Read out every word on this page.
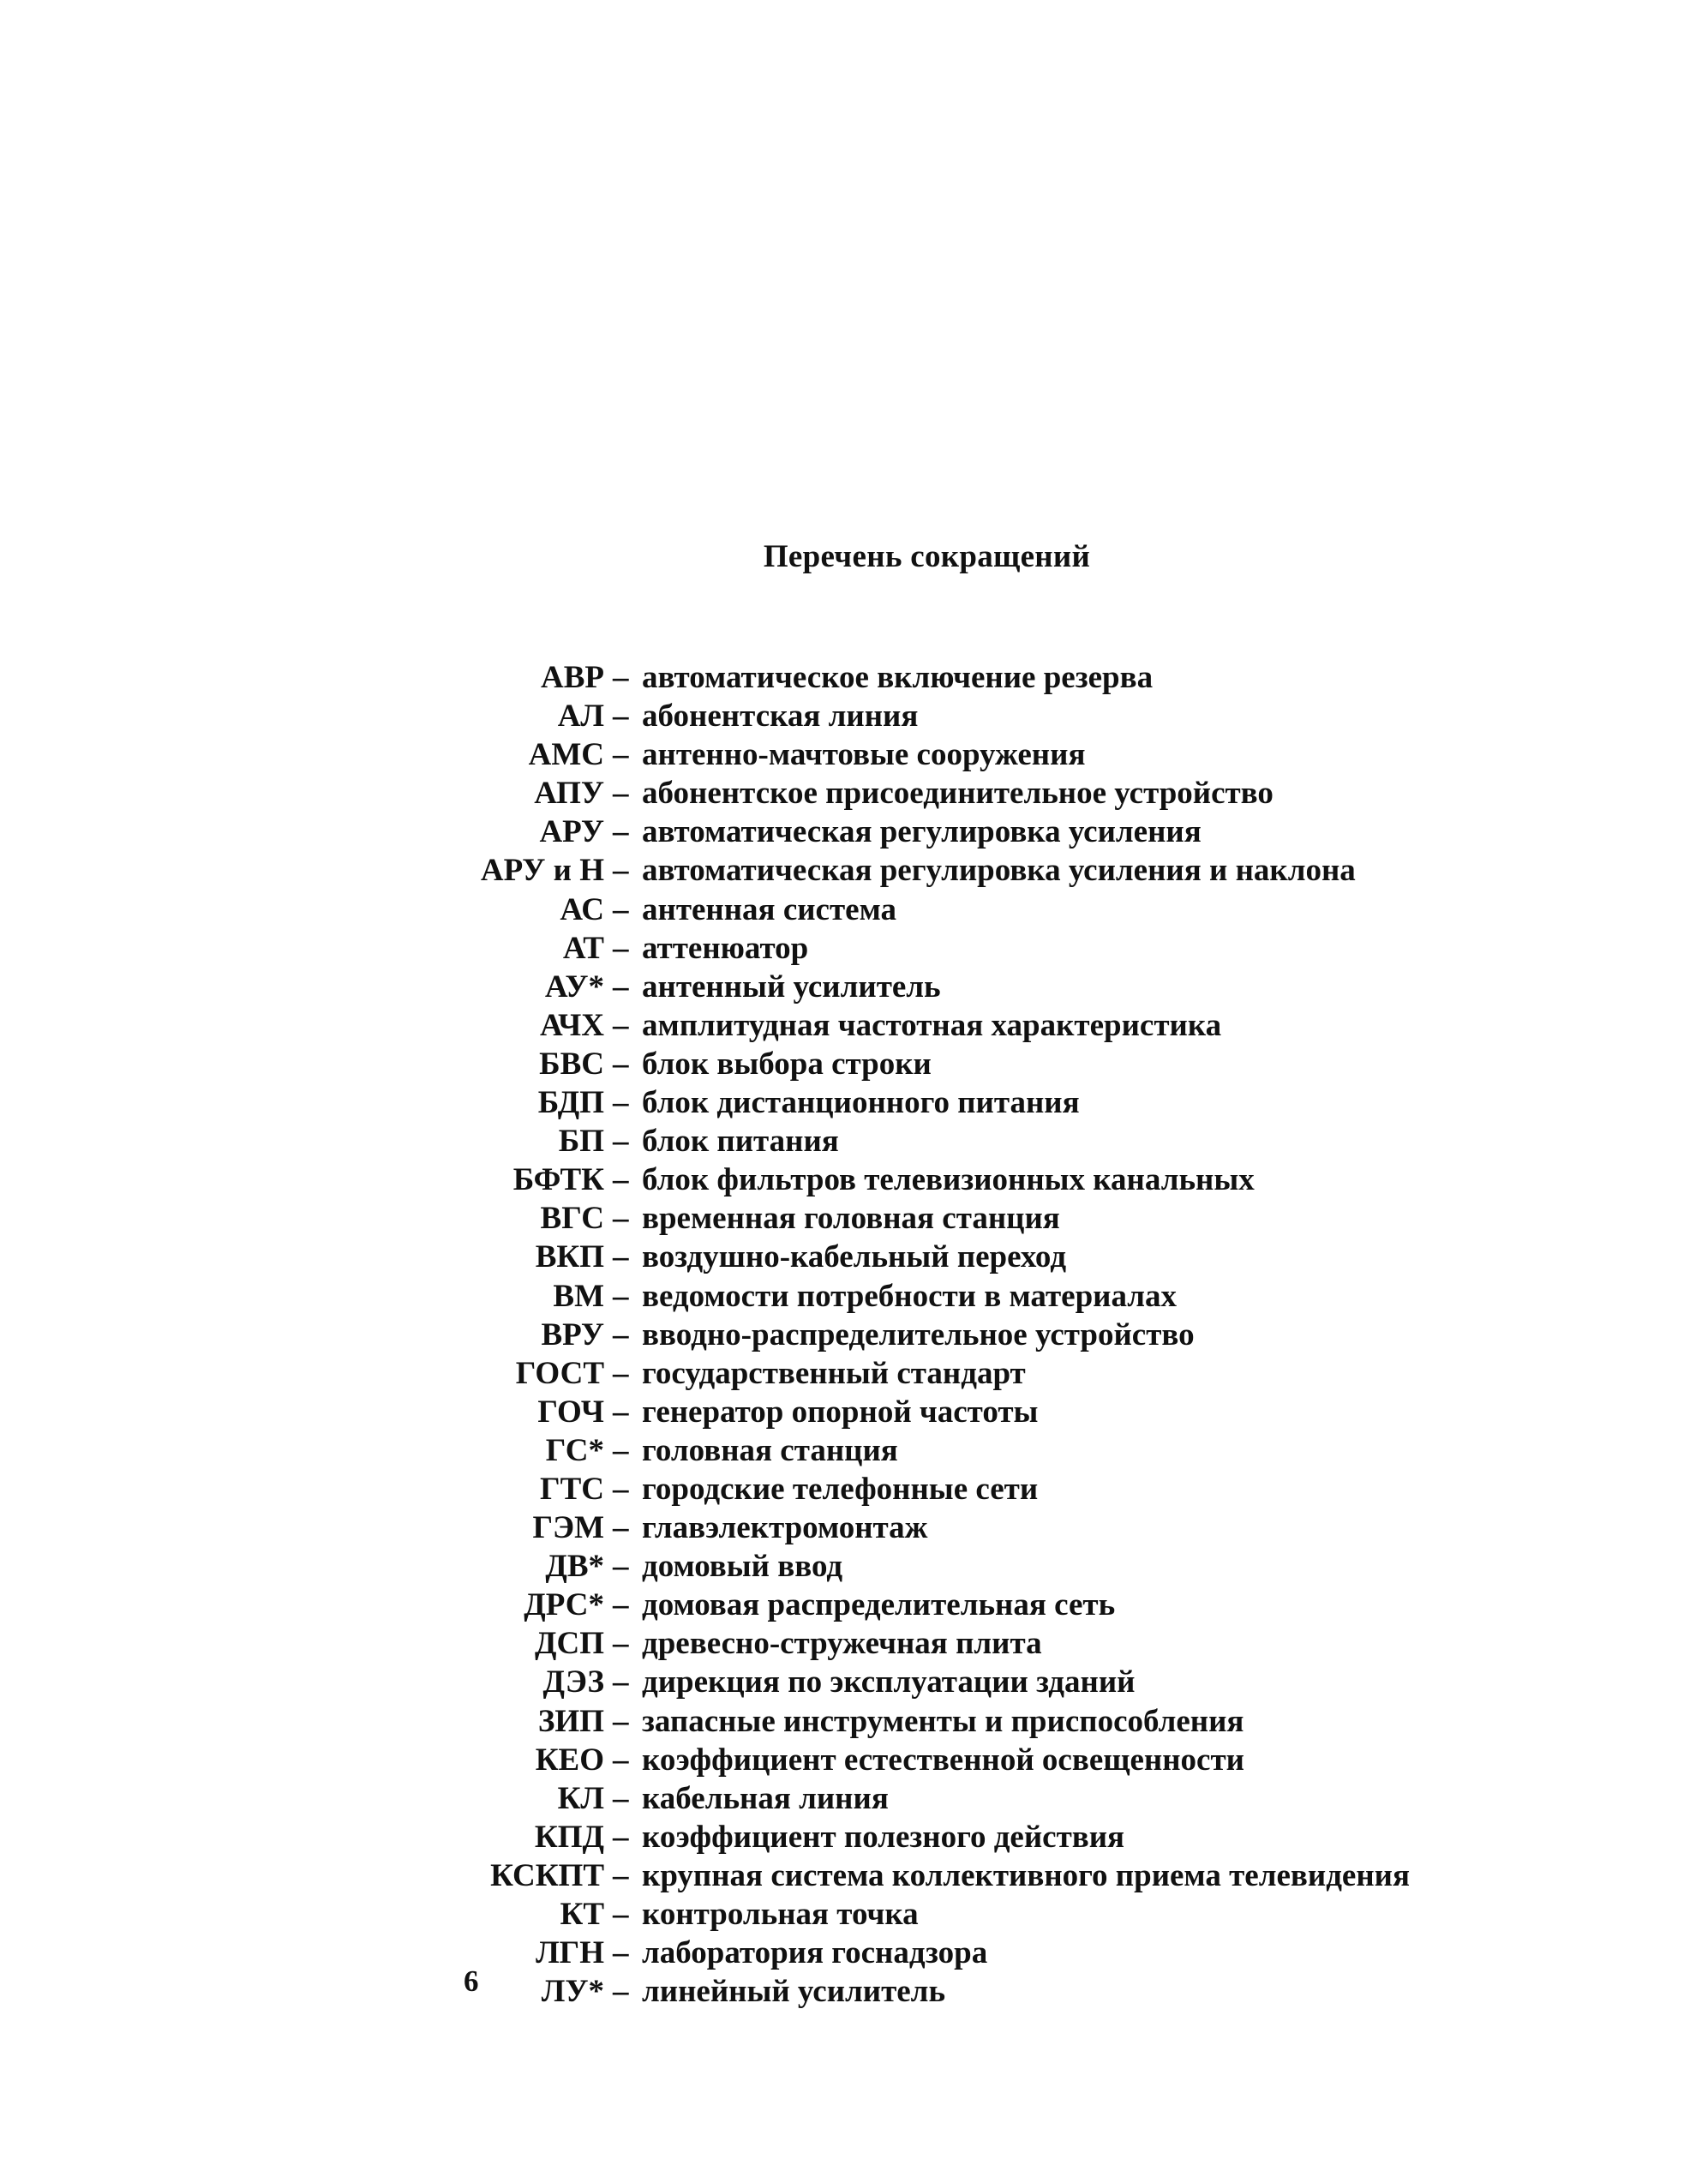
Перечень сокращений
АВР – автоматическое включение резерва
АЛ – абонентская линия
АМС – антенно-мачтовые сооружения
АПУ – абонентское присоединительное устройство
АРУ – автоматическая регулировка усиления
АРУ и Н – автоматическая регулировка усиления и наклона
АС – антенная система
АТ – аттенюатор
АУ* – антенный усилитель
АЧХ – амплитудная частотная характеристика
БВС – блок выбора строки
БДП – блок дистанционного питания
БП – блок питания
БФТК – блок фильтров телевизионных канальных
ВГС – временная головная станция
ВКП – воздушно-кабельный переход
ВМ – ведомости потребности в материалах
ВРУ – вводно-распределительное устройство
ГОСТ – государственный стандарт
ГОЧ – генератор опорной частоты
ГС* – головная станция
ГТС – городские телефонные сети
ГЭМ – главэлектромонтаж
ДВ* – домовый ввод
ДРС* – домовая распределительная сеть
ДСП – древесно-стружечная плита
ДЭЗ – дирекция по эксплуатации зданий
ЗИП – запасные инструменты и приспособления
КЕО – коэффициент естественной освещенности
КЛ – кабельная линия
КПД – коэффициент полезного действия
КСКПТ – крупная система коллективного приема телевидения
КТ – контрольная точка
ЛГН – лаборатория госнадзора
ЛУ* – линейный усилитель
6
